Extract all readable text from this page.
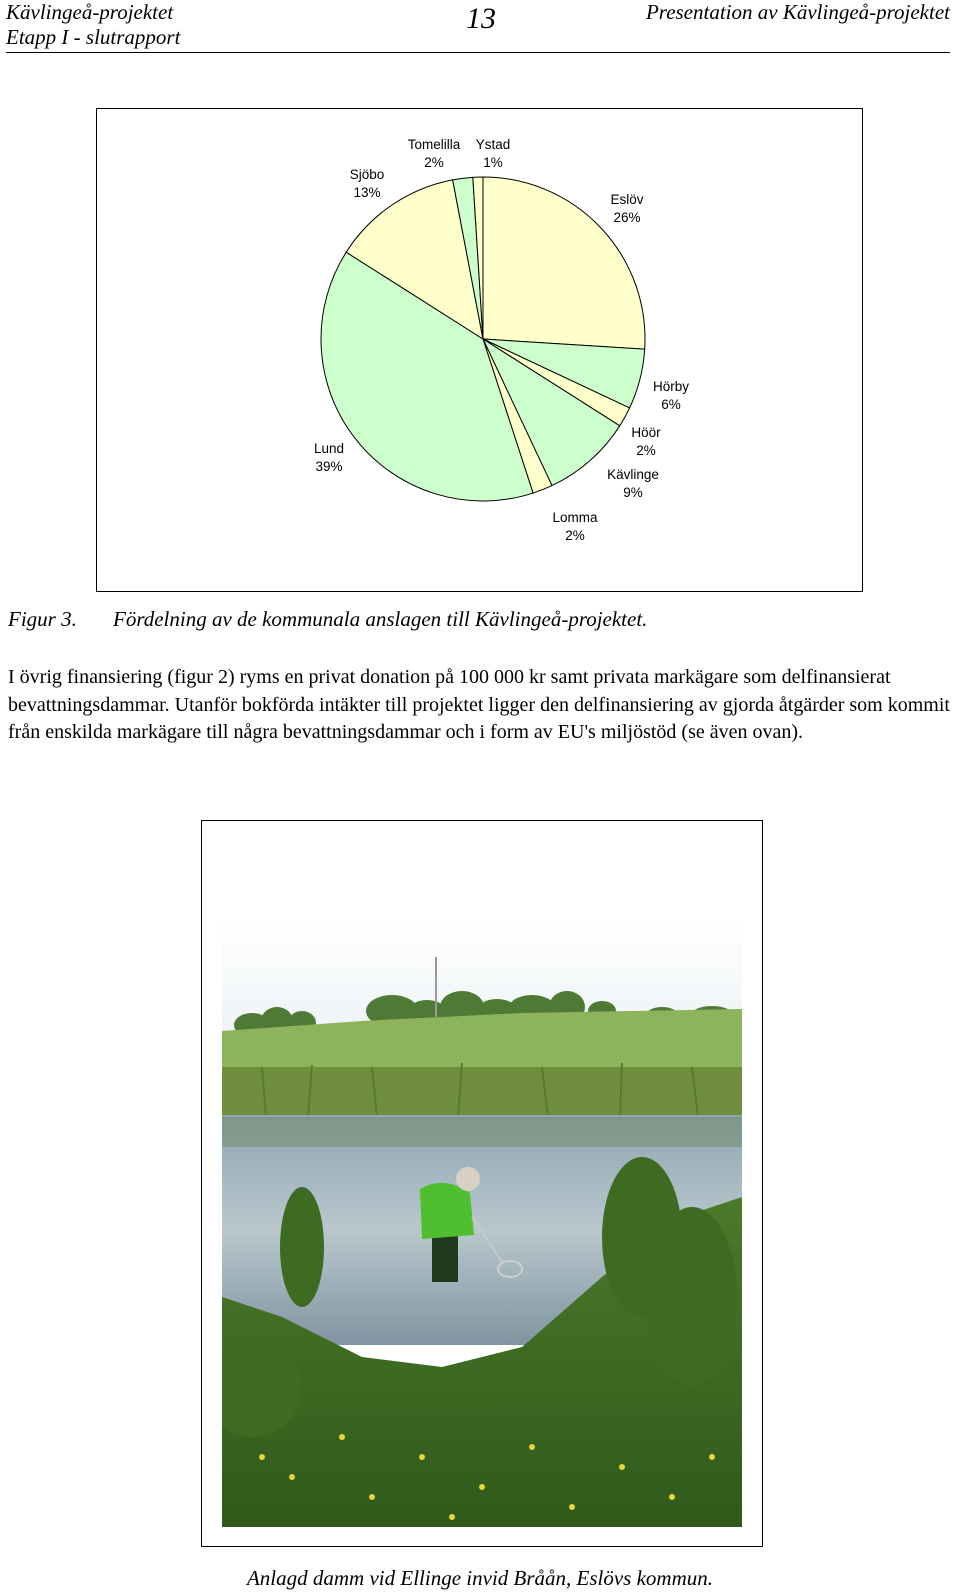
Kävlingeå-projektet
Etapp I - slutrapport
13	Presentation av Kävlingeå-projektet
Eslöv
26%
Hörby
6%
Höör
2%
Kävlinge
9%
Lomma
2%
Lund
39%
Sjöbo
13%
Tomelilla
2%
Ystad
1%
Figur 3. Fördelning av de kommunala anslagen till Kävlingeå-projektet.
I övrig finansiering (figur 2) ryms en privat donation på 100 000 kr samt privata markägare som delfinansierat bevattningsdammar. Utanför bokförda intäkter till projektet ligger den delfinansiering av gjorda åtgärder som kommit från enskilda markägare till några bevattningsdammar och i form av EU's miljöstöd (se även ovan).
Anlagd damm vid Ellinge invid Bråån, Eslövs kommun.
